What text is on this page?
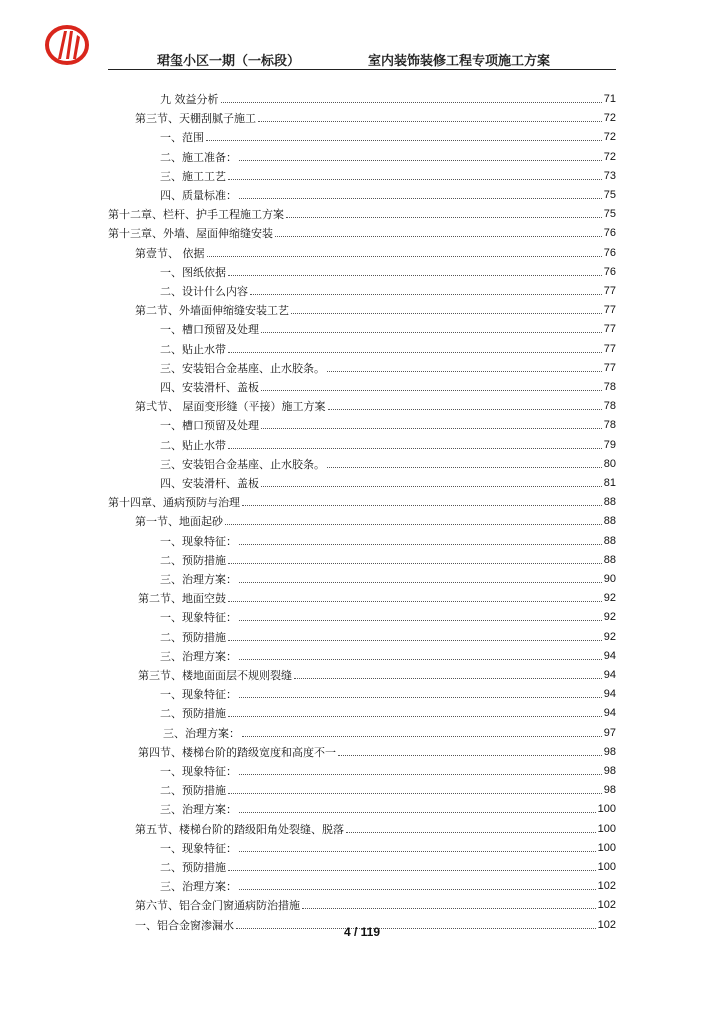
珺玺小区一期（一标段）	室内装饰装修工程专项施工方案
九 效益分析	71
第三节、天棚刮腻子施工	72
一、范围	72
二、施工准备：	72
三、施工工艺	73
四、质量标准：	75
第十二章、栏杆、护手工程施工方案	75
第十三章、外墙、屋面伸缩缝安装	76
第壹节、 依据	76
一、图纸依据	76
二、设计什么内容	77
第二节、外墙面伸缩缝安装工艺	77
一、槽口预留及处理	77
二、贴止水带	77
三、安装铝合金基座、止水胶条。	77
四、安装滑杆、盖板	78
第弍节、 屋面变形缝（平接）施工方案	78
一、槽口预留及处理	78
二、贴止水带	79
三、安装铝合金基座、止水胶条。	80
四、安装滑杆、盖板	81
第十四章、通病预防与治理	88
第一节、地面起砂	88
一、现象特征：	88
二、预防措施	88
三、治理方案：	90
第二节、地面空鼓	92
一、现象特征：	92
二、预防措施	92
三、治理方案：	94
第三节、楼地面面层不规则裂缝	94
一、现象特征：	94
二、预防措施	94
三、治理方案：	97
第四节、楼梯台阶的踏级宽度和高度不一	98
一、现象特征：	98
二、预防措施	98
三、治理方案：	100
第五节、楼梯台阶的踏级阳角处裂缝、脱落	100
一、现象特征：	100
二、预防措施	100
三、治理方案：	102
第六节、铝合金门窗通病防治措施	102
一、铝合金窗渗漏水	102
4 / 119
